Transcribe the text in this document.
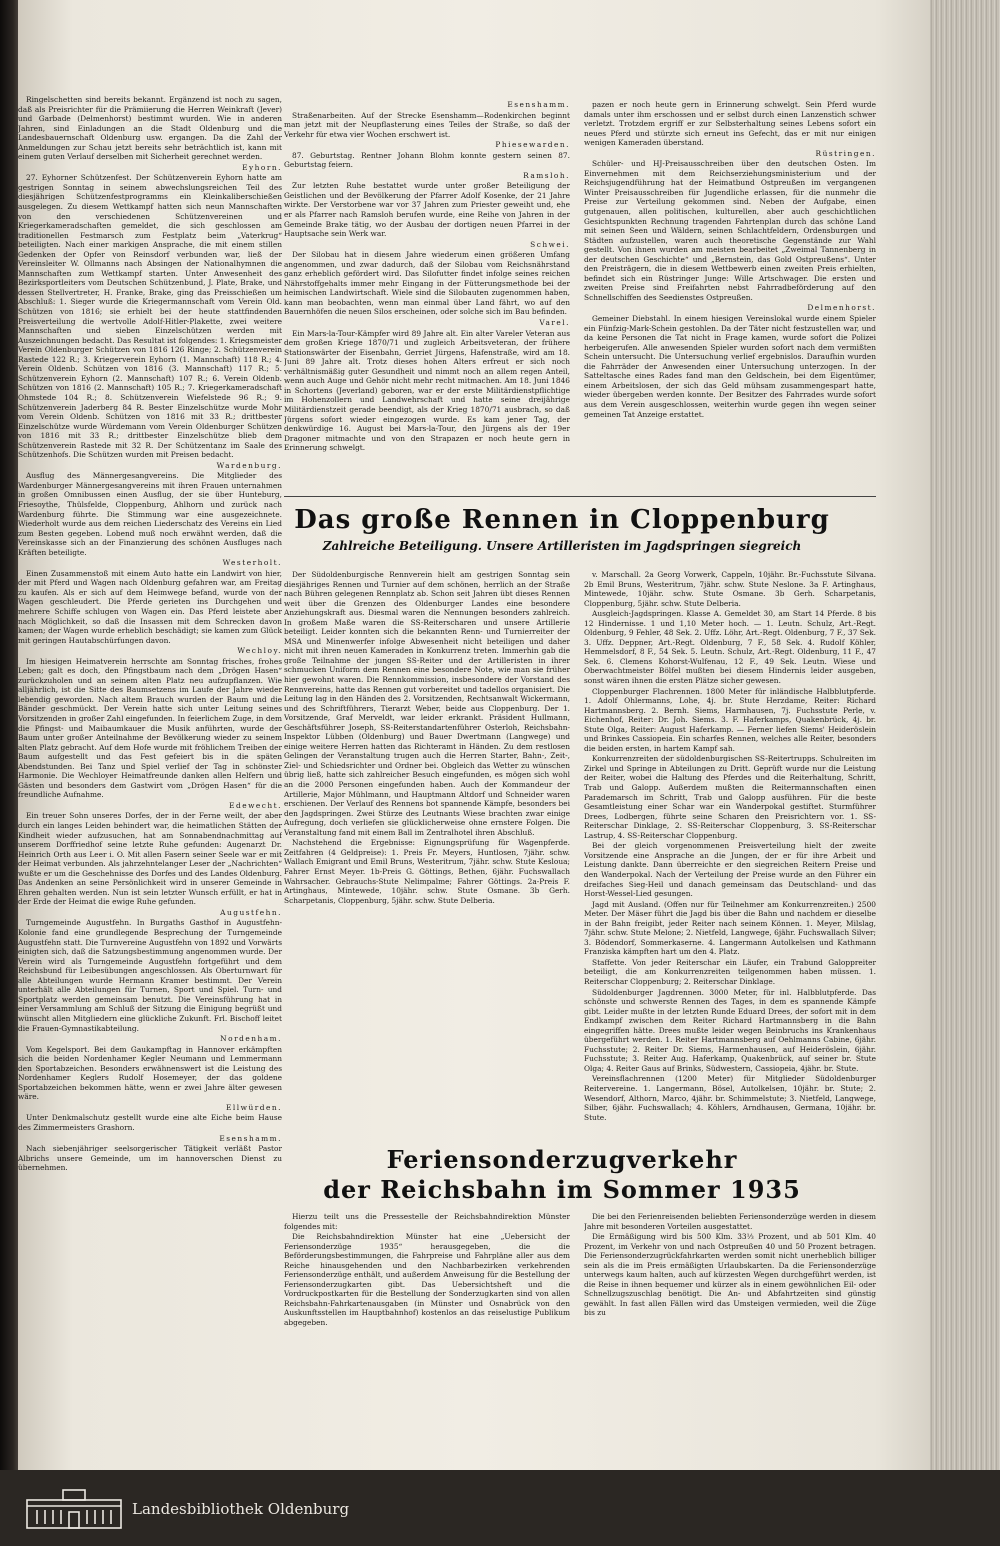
Ringelschetten sind bereits bekannt. Ergänzend ist noch zu sagen, daß als Preisrichter für die Prämiierung die Herren Weinkraft (Jever) und Garbade (Delmenhorst) bestimmt wurden. Wie in anderen Jahren, sind Einladungen an die Stadt Oldenburg und die Landesbauernschaft Oldenburg usw. ergangen. Da die Zahl der Anmeldungen zur Schau jetzt bereits sehr beträchtlich ist, kann mit einem guten Verlauf derselben mit Sicherheit gerechnet werden.

Eyhorn.

27. Eyhorner Schützenfest. Der Schützenverein Eyhorn hatte am gestrigen Sonntag in seinem abwechslungsreichen Teil des diesjährigen Schützenfestprogramms ein Kleinkaliberschießen ausgelegen. Zu diesem Wettkampf hatten sich neun Mannschaften von den verschiedenen Schützenvereinen und Kriegerkameradschaften gemeldet, die sich geschlossen am traditionellen Festmarsch zum Festplatz beim „Vaterkrug“ beteiligten. Nach einer markigen Ansprache, die mit einem stillen Gedenken der Opfer von Reinsdorf verbunden war, ließ der Vereinsleiter W. Ollmanns nach Absingen der Nationalhymnen die Mannschaften zum Wettkampf starten. Unter Anwesenheit des Bezirksportleiters vom Deutschen Schützenbund, J. Plate, Brake, und dessen Stellvertreter, H. Franke, Brake, ging das Preisschießen um Abschluß: 1. Sieger wurde die Kriegermannschaft vom Verein Old. Schützen von 1816; sie erhielt bei der heute stattfindenden Preisverteilung die wertvolle Adolf-Hitler-Plakette, zwei weitere Mannschaften und sieben Einzelschützen werden mit Auszeichnungen bedacht. Das Resultat ist folgendes: 1. Kriegsmeister Verein Oldenburger Schützen von 1816 126 Ringe; 2. Schützenverein Rastede 122 R.; 3. Kriegerverein Eyhorn (1. Mannschaft) 118 R.; 4. Verein Oldenb. Schützen von 1816 (3. Mannschaft) 117 R.; 5. Schützenverein Eyhorn (2. Mannschaft) 107 R.; 6. Verein Oldenb. Schützen von 1816 (2. Mannschaft) 105 R.; 7. Kriegerkameradschaft Ohmstede 104 R.; 8. Schützenverein Wiefelstede 96 R.; 9. Schützenverein Jaderberg 84 R. Bester Einzelschütze wurde Mohr vom Verein Oldenb. Schützen von 1816 mit 33 R.; drittbester Einzelschütze wurde Würdemann vom Verein Oldenburger Schützen von 1816 mit 33 R.; drittbester Einzelschütze blieb dem Schützenverein Rastede mit 32 R. Der Schützentanz im Saale des Schützenhofs. Die Schützen wurden mit Preisen bedacht.

Wardenburg.

Ausflug des Männergesangvereins. Die Mitglieder des Wardenburger Männergesangvereins mit ihren Frauen unternahmen in großen Omnibussen einen Ausflug, der sie über Hunteburg, Friesoythe, Thülsfelde, Cloppenburg, Ahlhorn und zurück nach Wardenburg führte. Die Stimmung war eine ausgezeichnete. Wiederholt wurde aus dem reichen Liederschatz des Vereins ein Lied zum Besten gegeben. Lobend muß noch erwähnt werden, daß die Vereinskasse sich an der Finanzierung des schönen Ausfluges nach Kräften beteiligte.

Westerholt.

Einen Zusammenstoß mit einem Auto hatte ein Landwirt von hier, der mit Pferd und Wagen nach Oldenburg gefahren war, am Freitag zu kaufen. Als er sich auf dem Heimwege befand, wurde von der Wagen geschleudert. Die Pferde gerieten ins Durchgehen und mehrere Schiffe schlugen von Wagen ein. Das Pferd leistete aber nach Möglichkeit, so daß die Insassen mit dem Schrecken davon kamen; der Wagen wurde erheblich beschädigt; sie kamen zum Glück mit geringen Hautabschürfungen davon.

Wechloy.

Im hiesigen Heimatverein herrschte am Sonntag frisches, frohes Leben; galt es doch, den Pfingstbaum nach dem „Drögen Hasen“ zurückzuholen und an seinem alten Platz neu aufzupflanzen. Wie alljährlich, ist die Sitte des Baumsetzens im Laufe der Jahre wieder lebendig geworden. Nach altem Brauch wurden der Baum und die Bänder geschmückt. Der Verein hatte sich unter Leitung seines Vorsitzenden in großer Zahl eingefunden. In feierlichem Zuge, in dem die Pfingst- und Maibaumkauer die Musik anführten, wurde der Baum unter großer Anteilnahme der Bevölkerung wieder zu seinem alten Platz gebracht. Auf dem Hofe wurde mit fröhlichem Treiben der Baum aufgestellt und das Fest gefeiert bis in die späten Abendstunden. Bei Tanz und Spiel verlief der Tag in schönster Harmonie. Die Wechloyer Heimatfreunde danken allen Helfern und Gästen und besonders dem Gastwirt vom „Drögen Hasen“ für die freundliche Aufnahme.

Edewecht.

Ein treuer Sohn unseres Dorfes, der in der Ferne weilt, der aber durch ein langes Leiden behindert war, die heimatlichen Stätten der Kindheit wieder aufzusuchen, hat am Sonnabendnachmittag auf unserem Dorffriedhof seine letzte Ruhe gefunden: Augenarzt Dr. Heinrich Orth aus Leer i. O. Mit allen Fasern seiner Seele war er mit der Heimat verbunden. Als jahrzehntelanger Leser der „Nachrichten“ wußte er um die Geschehnisse des Dorfes und des Landes Oldenburg. Das Andenken an seine Persönlichkeit wird in unserer Gemeinde in Ehren gehalten werden. Nun ist sein letzter Wunsch erfüllt, er hat in der Erde der Heimat die ewige Ruhe gefunden.

Augustfehn.

Turngemeinde Augustfehn. In Burgaths Gasthof in Augustfehn-Kolonie fand eine grundlegende Besprechung der Turngemeinde Augustfehn statt. Die Turnvereine Augustfehn von 1892 und Vorwärts einigten sich, daß die Satzungsbestimmung angenommen wurde. Der Verein wird als Turngemeinde Augustfehn fortgeführt und dem Reichsbund für Leibesübungen angeschlossen. Als Oberturnwart für alle Abteilungen wurde Hermann Kramer bestimmt. Der Verein unterhält alle Abteilungen für Turnen, Sport und Spiel. Turn- und Sportplatz werden gemeinsam benutzt. Die Vereinsführung hat in einer Versammlung am Schluß der Sitzung die Einigung begrüßt und wünscht allen Mitgliedern eine glückliche Zukunft. Frl. Bischoff leitet die Frauen-Gymnastikabteilung.

Nordenham.

Vom Kegelsport. Bei dem Gaukampftag in Hannover erkämpften sich die beiden Nordenhamer Kegler Neumann und Lemmermann den Sportabzeichen. Besonders erwähnenswert ist die Leistung des Nordenhamer Keglers Rudolf Hosemeyer, der das goldene Sportabzeichen bekommen hätte, wenn er zwei Jahre älter gewesen wäre.

Ellwürden.

Unter Denkmalschutz gestellt wurde eine alte Eiche beim Hause des Zimmermeisters Grashorn.

Esenshamm.

Nach siebenjähriger seelsorgerischer Tätigkeit verläßt Pastor Albrichs unsere Gemeinde, um im hannoverschen Dienst zu übernehmen.

Esenshamm.

Straßenarbeiten. Auf der Strecke Esenshamm—Rodenkirchen beginnt man jetzt mit der Neupflasterung eines Teiles der Straße, so daß der Verkehr für etwa vier Wochen erschwert ist.

Phiesewarden.

87. Geburtstag. Rentner Johann Blohm konnte gestern seinen 87. Geburtstag feiern.

Ramsloh.

Zur letzten Ruhe bestattet wurde unter großer Beteiligung der Geistlichen und der Bevölkerung der Pfarrer Adolf Kosenke, der 21 Jahre wirkte. Der Verstorbene war vor 37 Jahren zum Priester geweiht und, ehe er als Pfarrer nach Ramsloh berufen wurde, eine Reihe von Jahren in der Gemeinde Brake tätig, wo der Ausbau der dortigen neuen Pfarrei in der Hauptsache sein Werk war.

Schwei.

Der Silobau hat in diesem Jahre wiederum einen größeren Umfang angenommen, und zwar dadurch, daß der Silobau vom Reichsnährstand ganz erheblich gefördert wird. Das Silofutter findet infolge seines reichen Nährstoffgehalts immer mehr Eingang in der Fütterungsmethode bei der heimischen Landwirtschaft. Wiele sind die Silobauten zugenommen haben, kann man beobachten, wenn man einmal über Land fährt, wo auf den Bauernhöfen die neuen Silos erscheinen, oder solche sich im Bau befinden.

Varel.

Ein Mars-la-Tour-Kämpfer wird 89 Jahre alt. Ein alter Vareler Veteran aus dem großen Kriege 1870/71 und zugleich Arbeitsveteran, der frühere Stationswärter der Eisenbahn, Gerriet Jürgens, Hafenstraße, wird am 18. Juni 89 Jahre alt. Trotz dieses hohen Alters erfreut er sich noch verhältnismäßig guter Gesundheit und nimmt noch an allem regen Anteil, wenn auch Auge und Gehör nicht mehr recht mitmachen. Am 18. Juni 1846 in Schortens (Jeverland) geboren, war er der erste Militärdienstpflichtige im Hohenzollern und Landwehrschaft und hatte seine dreijährige Militärdienstzeit gerade beendigt, als der Krieg 1870/71 ausbrach, so daß Jürgens sofort wieder eingezogen wurde. Es kam jener Tag, der denkwürdige 16. August bei Mars-la-Tour, den Jürgens als der 19er Dragoner mitmachte und von den Strapazen er noch heute gern in Erinnerung schwelgt.

pazen er noch heute gern in Erinnerung schwelgt. Sein Pferd wurde damals unter ihm erschossen und er selbst durch einen Lanzenstich schwer verletzt. Trotzdem ergriff er zur Selbsterhaltung seines Lebens sofort ein neues Pferd und stürzte sich erneut ins Gefecht, das er mit nur einigen wenigen Kameraden überstand.

Rüstringen.

Schüler- und HJ-Preisausschreiben über den deutschen Osten. Im Einvernehmen mit dem Reichserziehungsministerium und der Reichsjugendführung hat der Heimatbund Ostpreußen im vergangenen Winter Preisausschreiben für Jugendliche erlassen, für die nunmehr die Preise zur Verteilung gekommen sind. Neben der Aufgabe, einen gutgenauen, allen politischen, kulturellen, aber auch geschichtlichen Gesichtspunkten Rechnung tragenden Fahrtenplan durch das schöne Land mit seinen Seen und Wäldern, seinen Schlachtfeldern, Ordensburgen und Städten aufzustellen, waren auch theoretische Gegenstände zur Wahl gestellt. Von ihnen wurden am meisten bearbeitet „Zweimal Tannenberg in der deutschen Geschichte“ und „Bernstein, das Gold Ostpreußens“. Unter den Preisträgern, die in diesem Wettbewerb einen zweiten Preis erhielten, befindet sich ein Rüstringer Junge: Wille Artschwager. Die ersten und zweiten Preise sind Freifahrten nebst Fahrradbeförderung auf den Schnellschiffen des Seedienstes Ostpreußen.

Delmenhorst.

Gemeiner Diebstahl. In einem hiesigen Vereinslokal wurde einem Spieler ein Fünfzig-Mark-Schein gestohlen. Da der Täter nicht festzustellen war, und da keine Personen die Tat nicht in Frage kamen, wurde sofort die Polizei herbeigerufen. Alle anwesenden Spieler wurden sofort nach dem vermißten Schein untersucht. Die Untersuchung verlief ergebnislos. Daraufhin wurden die Fahrräder der Anwesenden einer Untersuchung unterzogen. In der Satteltasche eines Rades fand man den Geldschein, bei dem Eigentümer, einem Arbeitslosen, der sich das Geld mühsam zusammengespart hatte, wieder übergeben werden konnte. Der Besitzer des Fahrrades wurde sofort aus dem Verein ausgeschlossen, weiterhin wurde gegen ihn wegen seiner gemeinen Tat Anzeige erstattet.

Das große Rennen in Cloppenburg
Zahlreiche Beteiligung. Unsere Artilleristen im Jagdspringen siegreich

Der Südoldenburgische Rennverein hielt am gestrigen Sonntag sein diesjähriges Rennen und Turnier auf dem schönen, herrlich an der Straße nach Bühren gelegenen Rennplatz ab. Schon seit Jahren übt dieses Rennen weit über die Grenzen des Oldenburger Landes eine besondere Anziehungskraft aus. Diesmal waren die Nennungen besonders zahlreich. In großem Maße waren die SS-Reiterscharen und unsere Artillerie beteiligt. Leider konnten sich die bekannten Renn- und Turnierreiter der MSA und Minenwerfer infolge Abwesenheit nicht beteiligen und daher nicht mit ihren neuen Kameraden in Konkurrenz treten. Immerhin gab die große Teilnahme der jungen SS-Reiter und der Artilleristen in ihrer schmucken Uniform dem Rennen eine besondere Note, wie man sie früher hier gewohnt waren. Die Rennkommission, insbesondere der Vorstand des Rennvereins, hatte das Rennen gut vorbereitet und tadellos organisiert. Die Leitung lag in den Händen des 2. Vorsitzenden, Rechtsanwalt Wickermann, und des Schriftführers, Tierarzt Weber, beide aus Cloppenburg. Der 1. Vorsitzende, Graf Merveldt, war leider erkrankt. Präsident Hullmann, Geschäftsführer Joseph, SS-Reiterstandartenführer Osterloh, Reichsbahn-Inspektor Lübben (Oldenburg) und Bauer Dwertmann (Langwege) und einige weitere Herren hatten das Richteramt in Händen. Zu dem restlosen Gelingen der Veranstaltung trugen auch die Herren Starter, Bahn-, Zeit-, Ziel- und Schiedsrichter und Ordner bei. Obgleich das Wetter zu wünschen übrig ließ, hatte sich zahlreicher Besuch eingefunden, es mögen sich wohl an die 2000 Personen eingefunden haben. Auch der Kommandeur der Artillerie, Major Mühlmann, und Hauptmann Altdorf und Schneider waren erschienen. Der Verlauf des Rennens bot spannende Kämpfe, besonders bei den Jagdspringen. Zwei Stürze des Leutnants Wiese brachten zwar einige Aufregung, doch verliefen sie glücklicherweise ohne ernstere Folgen. Die Veranstaltung fand mit einem Ball im Zentralhotel ihren Abschluß.

Nachstehend die Ergebnisse: Eignungsprüfung für Wagenpferde. Zeitfahren (4 Geldpreise): 1. Preis Fr. Meyers, Huntlosen, 7jähr. schw. Wallach Emigrant und Emil Bruns, Westeritrum, 7jähr. schw. Stute Kesloua; Fahrer Ernst Meyer. 1b-Preis G. Göttings, Bethen, 6jähr. Fuchswallach Wahrsacher. Gebrauchs-Stute Nelimpalme; Fahrer Göttings. 2a-Preis F. Artinghaus, Mintewede, 10jähr. schw. Stute Osmane. 3b Gerh. Scharpetanis, Cloppenburg, 5jähr. schw. Stute Delberia.

v. Marschall. 2a Georg Vorwerk, Cappeln, 10jähr. Br.-Fuchsstute Silvana. 2b Emil Bruns, Westeritrum, 7jähr. schw. Stute Neslone. 3a F. Artinghaus, Mintewede, 10jähr. schw. Stute Osmane. 3b Gerh. Scharpetanis, Cloppenburg, 5jähr. schw. Stute Delberia.

Ausgleich-Jagdspringen. Klasse A. Gemeldet 30, am Start 14 Pferde. 8 bis 12 Hindernisse. 1 und 1,10 Meter hoch. — 1. Leutn. Schulz, Art.-Regt. Oldenburg, 9 Fehler, 48 Sek. 2. Uffz. Löhr, Art.-Regt. Oldenburg, 7 F., 37 Sek. 3. Uffz. Deppner, Art.-Regt. Oldenburg, 7 F., 58 Sek. 4. Rudolf Köhler, Hemmelsdorf, 8 F., 54 Sek. 5. Leutn. Schulz, Art.-Regt. Oldenburg, 11 F., 47 Sek. 6. Clemens Kohorst-Wulfenau, 12 F., 49 Sek. Leutn. Wiese und Oberwachtmeister Bölfel mußten bei diesem Hindernis leider ausgeben, sonst wären ihnen die ersten Plätze sicher gewesen.

Cloppenburger Flachrennen. 1800 Meter für inländische Halbblutpferde. 1. Adolf Ohlermanns, Lohe, 4j. br. Stute Herzdame, Reiter: Richard Hartmannsberg. 2. Bernh. Siems, Harmhausen, 7j. Fuchsstute Perle, v. Eichenhof, Reiter: Dr. Joh. Siems. 3. F. Haferkamps, Quakenbrück, 4j. br. Stute Olga, Reiter: August Haferkamp. — Ferner liefen Siems' Heideröslein und Brinkes Cassiopeia. Ein scharfes Rennen, welches alle Reiter, besonders die beiden ersten, in hartem Kampf sah.

Konkurrenzreiten der südoldenburgischen SS-Reitertrupps. Schulreiten im Zirkel und Springe in Abteilungen zu Dritt. Geprüft wurde nur die Leistung der Reiter, wobei die Haltung des Pferdes und die Reiterhaltung, Schritt, Trab und Galopp. Außerdem mußten die Reitermannschaften einen Parademarsch im Schritt, Trab und Galopp ausführen. Für die beste Gesamtleistung einer Schar war ein Wanderpokal gestiftet. Sturmführer Drees, Lodbergen, führte seine Scharen den Preisrichtern vor. 1. SS-Reiterschar Dinklage, 2. SS-Reiterschar Cloppenburg, 3. SS-Reiterschar Lastrup, 4. SS-Reiterschar Cloppenburg.

Bei der gleich vorgenommenen Preisverteilung hielt der zweite Vorsitzende eine Ansprache an die Jungen, der er für ihre Arbeit und Leistung dankte. Dann überreichte er den siegreichen Reitern Preise und den Wanderpokal. Nach der Verteilung der Preise wurde an den Führer ein dreifaches Sieg-Heil und danach gemeinsam das Deutschland- und das Horst-Wessel-Lied gesungen.

Jagd mit Ausland. (Offen nur für Teilnehmer am Konkurrenzreiten.) 2500 Meter. Der Mäser führt die Jagd bis über die Bahn und nachdem er dieselbe in der Bahn freigibt, jeder Reiter nach seinem Können. 1. Meyer, Milslag, 7jähr. schw. Stute Melone; 2. Nietfeld, Langwege, 6jähr. Fuchswallach Silver; 3. Bödendorf, Sommerkaserne. 4. Langermann Autolkelsen und Kathmann Franziska kämpften hart um den 4. Platz.

Staffette. Von jeder Reiterschar ein Läufer, ein Trabund Galoppreiter beteiligt, die am Konkurrenzreiten teilgenommen haben müssen. 1. Reiterschar Cloppenburg; 2. Reiterschar Dinklage.

Südoldenburger Jagdrennen. 3000 Meter, für inl. Halbblutpferde. Das schönste und schwerste Rennen des Tages, in dem es spannende Kämpfe gibt. Leider mußte in der letzten Runde Eduard Drees, der sofort mit in dem Endkampf zwischen dem Reiter Richard Hartmannsberg in die Bahn eingegriffen hätte. Drees mußte leider wegen Beinbruchs ins Krankenhaus übergeführt werden. 1. Reiter Hartmannsberg auf Oehlmanns Cabine, 6jähr. Fuchsstute; 2. Reiter Dr. Siems, Harmenhausen, auf Heideröslein, 6jähr. Fuchsstute; 3. Reiter Aug. Haferkamp, Quakenbrück, auf seiner br. Stute Olga; 4. Reiter Gaus auf Brinks, Südwestern, Cassiopeia, 4jähr. br. Stute.

Vereinsflachrennen (1200 Meter) für Mitglieder Südoldenburger Reitervereine. 1. Langermann, Bösel, Autolkelsen, 10jähr. br. Stute; 2. Wesendorf, Althorn, Marco, 4jähr. br. Schimmelstute; 3. Nietfeld, Langwege, Silber, 6jähr. Fuchswallach; 4. Köhlers, Arndhausen, Germana, 10jähr. br. Stute.

Feriensonderzugverkehr
der Reichsbahn im Sommer 1935

Hierzu teilt uns die Pressestelle der Reichsbahndirektion Münster folgendes mit:

Die Reichsbahndirektion Münster hat eine „Uebersicht der Feriensonderzüge 1935“ herausgegeben, die die Beförderungsbestimmungen, die Fahrpreise und Fahrpläne aller aus dem Reiche hinausgehenden und den Nachbarbezirken verkehrenden Feriensonderzüge enthält, und außerdem Anweisung für die Bestellung der Feriensonderzugkarten gibt. Das Uebersichtsheft und die Vordruckpostkarten für die Bestellung der Sonderzugkarten sind von allen Reichsbahn-Fahrkartenausgaben (in Münster und Osnabrück von den Auskunftsstellen im Hauptbahnhof) kostenlos an das reiselustige Publikum abgegeben.

Die bei den Ferienreisenden beliebten Feriensonderzüge werden in diesem Jahre mit besonderen Vorteilen ausgestattet.

Die Ermäßigung wird bis 500 Klm. 33⅓ Prozent, und ab 501 Klm. 40 Prozent, im Verkehr von und nach Ostpreußen 40 und 50 Prozent betragen. Die Feriensonderzugrückfahrkarten werden somit nicht unerheblich billiger sein als die im Preis ermäßigten Urlaubskarten. Da die Feriensonderzüge unterwegs kaum halten, auch auf kürzesten Wegen durchgeführt werden, ist die Reise in ihnen bequemer und kürzer als in einem gewöhnlichen Eil- oder Schnellzugszuschlag benötigt. Die An- und Abfahrtzeiten sind günstig gewählt. In fast allen Fällen wird das Umsteigen vermieden, weil die Züge bis zu

Landesbibliothek Oldenburg
